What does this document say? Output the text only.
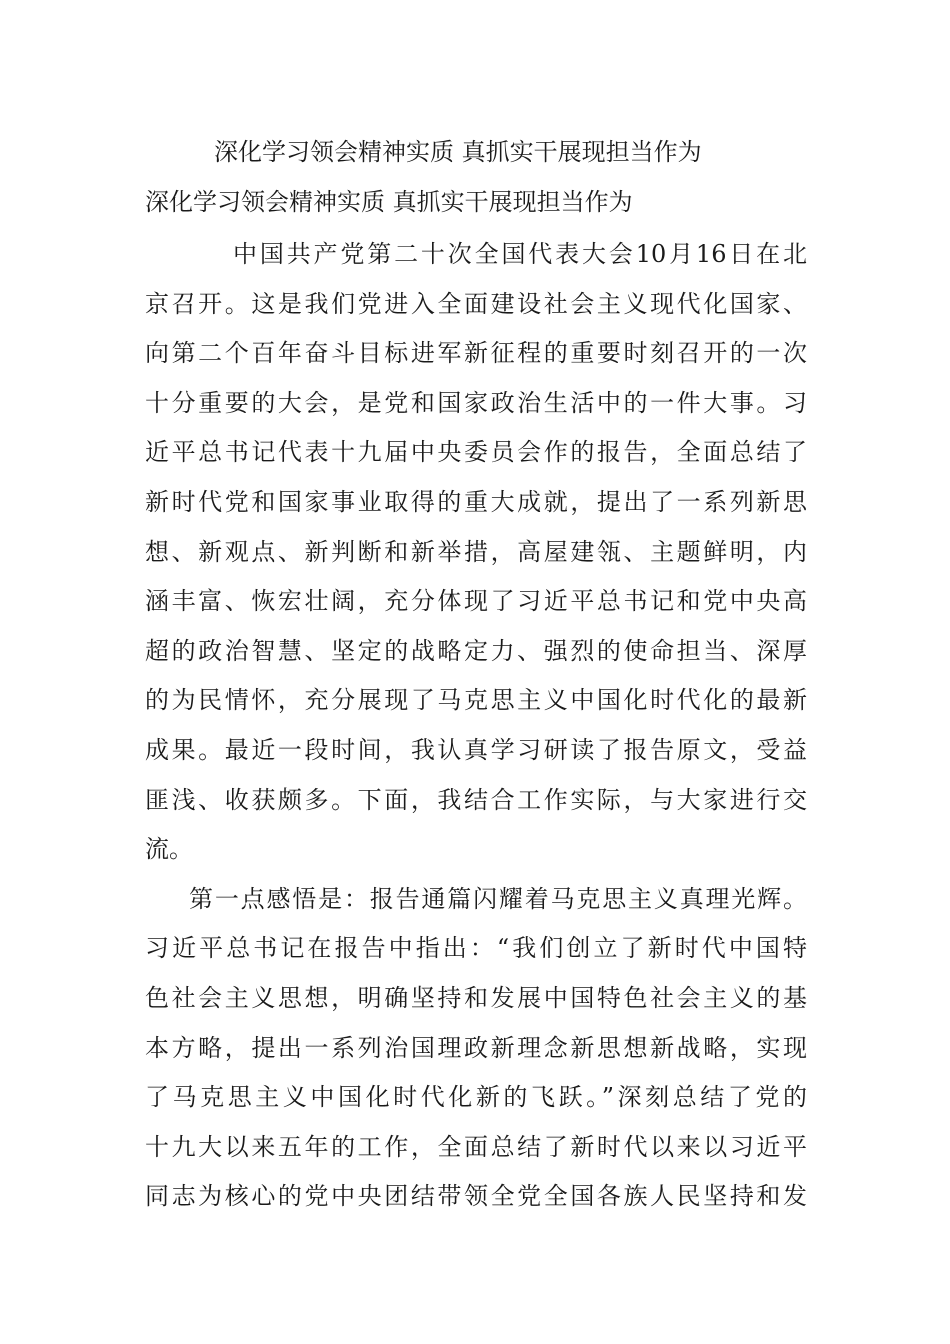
深化学习领会精神实质 真抓实干展现担当作为
深化学习领会精神实质 真抓实干展现担当作为
中国共产党第二十次全国代表大会10月16日在北
京召开。这是我们党进入全面建设社会主义现代化国家、
向第二个百年奋斗目标进军新征程的重要时刻召开的一次
十分重要的大会，是党和国家政治生活中的一件大事。习
近平总书记代表十九届中央委员会作的报告，全面总结了
新时代党和国家事业取得的重大成就，提出了一系列新思
想、新观点、新判断和新举措，高屋建瓴、主题鲜明，内
涵丰富、恢宏壮阔，充分体现了习近平总书记和党中央高
超的政治智慧、坚定的战略定力、强烈的使命担当、深厚
的为民情怀，充分展现了马克思主义中国化时代化的最新
成果。最近一段时间，我认真学习研读了报告原文，受益
匪浅、收获颇多。下面，我结合工作实际，与大家进行交
流。
第一点感悟是：报告通篇闪耀着马克思主义真理光辉。
习近平总书记在报告中指出：“我们创立了新时代中国特
色社会主义思想，明确坚持和发展中国特色社会主义的基
本方略，提出一系列治国理政新理念新思想新战略，实现
了马克思主义中国化时代化新的飞跃。”深刻总结了党的
十九大以来五年的工作，全面总结了新时代以来以习近平
同志为核心的党中央团结带领全党全国各族人民坚持和发
